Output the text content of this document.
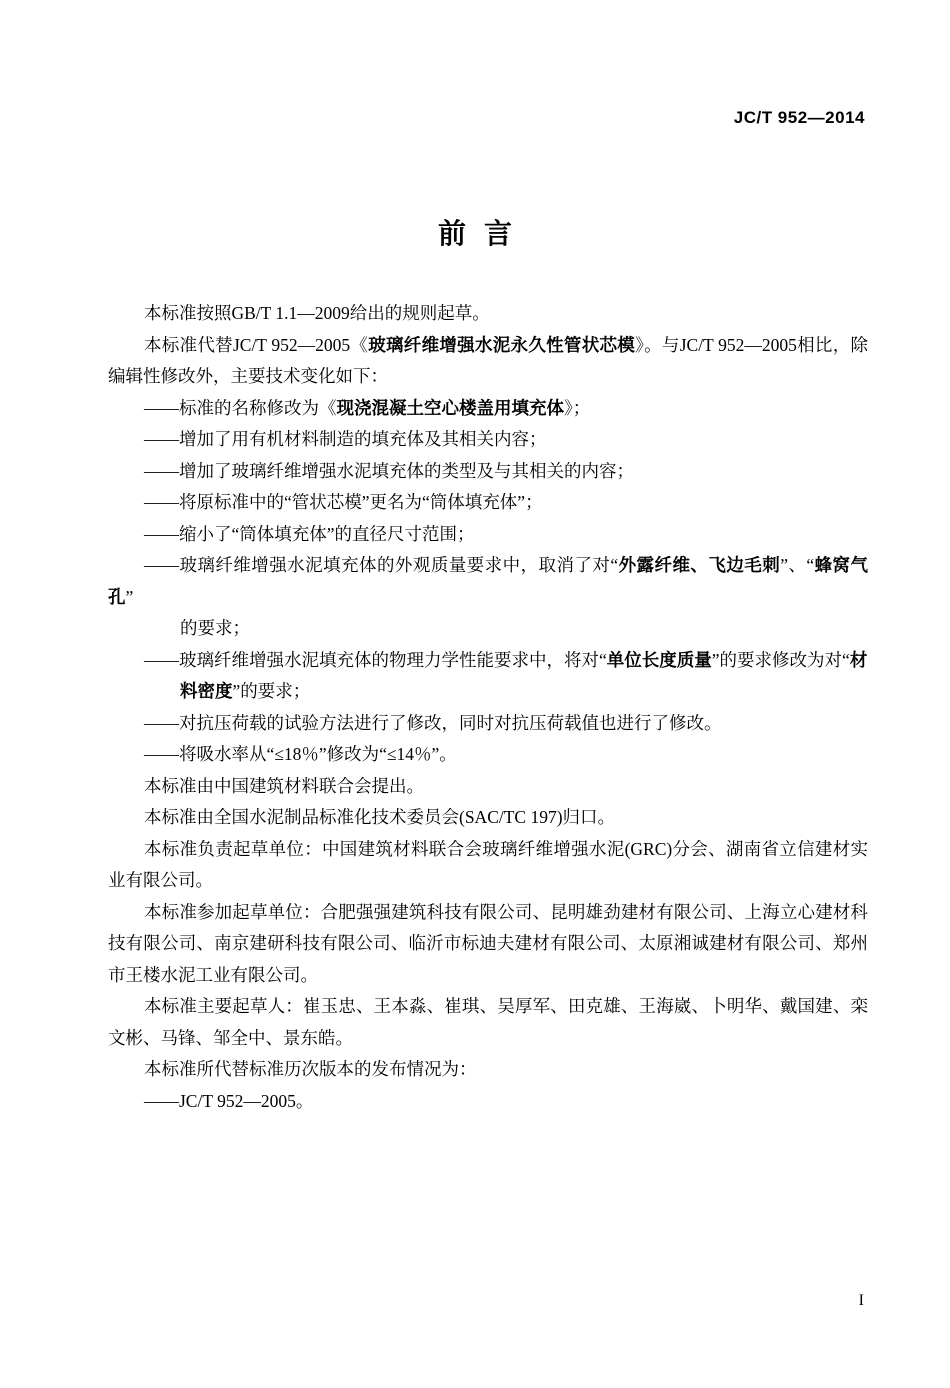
JC/T 952—2014
前言

本标准按照GB/T 1.1—2009给出的规则起草。

本标准代替JC/T 952—2005《玻璃纤维增强水泥永久性管状芯模》。与JC/T 952—2005相比，除编辑性修改外，主要技术变化如下：

——标准的名称修改为《现浇混凝土空心楼盖用填充体》；

——增加了用有机材料制造的填充体及其相关内容；

——增加了玻璃纤维增强水泥填充体的类型及与其相关的内容；

——将原标准中的“管状芯模”更名为“筒体填充体”；

——缩小了“筒体填充体”的直径尺寸范围；

——玻璃纤维增强水泥填充体的外观质量要求中，取消了对“外露纤维、飞边毛刺”、“蜂窝气孔”
的要求；

——玻璃纤维增强水泥填充体的物理力学性能要求中，将对“单位长度质量”的要求修改为对“材
料密度”的要求；

——对抗压荷载的试验方法进行了修改，同时对抗压荷载值也进行了修改。

——将吸水率从“≤18％”修改为“≤14％”。

本标准由中国建筑材料联合会提出。

本标准由全国水泥制品标准化技术委员会(SAC/TC 197)归口。

本标准负责起草单位：中国建筑材料联合会玻璃纤维增强水泥(GRC)分会、湖南省立信建材实业有限公司。

本标准参加起草单位：合肥强强建筑科技有限公司、昆明雄劲建材有限公司、上海立心建材科技有限公司、南京建研科技有限公司、临沂市标迪夫建材有限公司、太原湘诚建材有限公司、郑州市王楼水泥工业有限公司。

本标准主要起草人：崔玉忠、王本淼、崔琪、吴厚军、田克雄、王海崴、卜明华、戴国建、栾文彬、马锋、邹全中、景东皓。

本标准所代替标准历次版本的发布情况为：

——JC/T 952—2005。

I
